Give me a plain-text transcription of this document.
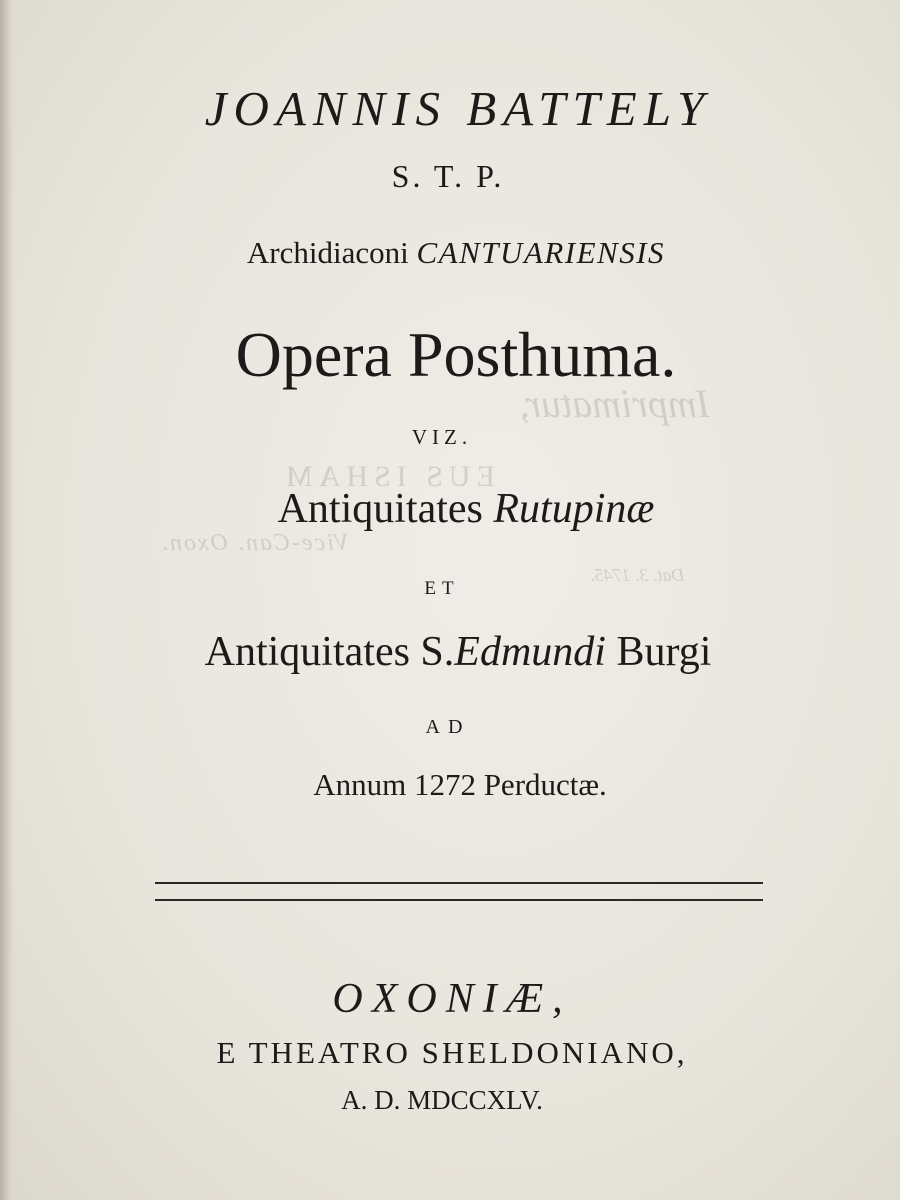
Imprimatur,
EUS ISHAM
Vice-Can. Oxon.
Dat. 3. 1745.
JOANNIS BATTELY
S. T. P.
Archidiaconi CANTUARIENSIS
Opera Posthuma.
VIZ.
Antiquitates Rutupinæ
ET
Antiquitates S.Edmundi Burgi
AD
Annum 1272 Perductæ.
OXONIÆ,
E THEATRO SHELDONIANO,
A. D. MDCCXLV.
